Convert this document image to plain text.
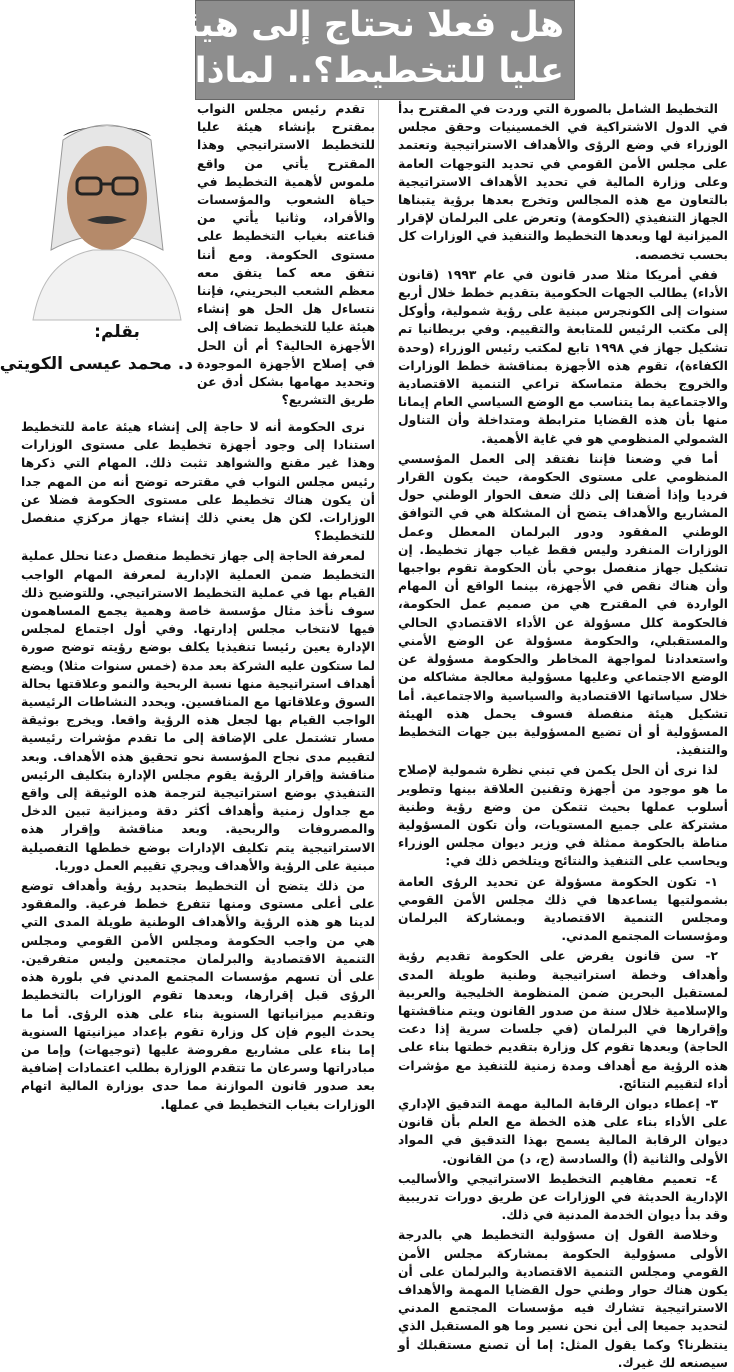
هل فعلا نحتاج إلى هيئة
عليا للتخطيط؟.. لماذا؟
بقلم:
د. محمد عيسى الكويتي

تقدم رئيس مجلس النواب بمقترح بإنشاء هيئة عليا للتخطيط الاستراتيجي وهذا المقترح يأتي من واقع ملموس لأهمية التخطيط في حياة الشعوب والمؤسسات والأفراد، وثانيا يأتي من قناعته بغياب التخطيط على مستوى الحكومة. ومع أننا نتفق معه كما يتفق معه معظم الشعب البحريني، فإننا نتساءل هل الحل هو إنشاء هيئة عليا للتخطيط تضاف إلى الأجهزة الحالية؟ أم أن الحل في إصلاح الأجهزة الموجودة وتحديد مهامها بشكل أدق عن طريق التشريع؟

نرى الحكومة أنه لا حاجة إلى إنشاء هيئة عامة للتخطيط استنادا إلى وجود أجهزة تخطيط على مستوى الوزارات وهذا غير مقنع والشواهد تثبت ذلك. المهام التي ذكرها رئيس مجلس النواب في مقترحه توضح أنه من المهم جدا أن يكون هناك تخطيط على مستوى الحكومة فضلا عن الوزارات. لكن هل يعني ذلك إنشاء جهاز مركزي منفصل للتخطيط؟

لمعرفة الحاجة إلى جهاز تخطيط منفصل دعنا نحلل عملية التخطيط ضمن العملية الإدارية لمعرفة المهام الواجب القيام بها في عملية التخطيط الاستراتيجي. وللتوضيح ذلك سوف نأخذ مثال مؤسسة خاصة وهمية يجمع المساهمون فيها لانتخاب مجلس إدارتها. وفي أول اجتماع لمجلس الإدارة يعين رئيسا تنفيذيا يكلف بوضع رؤيته توضح صورة لما ستكون عليه الشركة بعد مدة (خمس سنوات مثلا) ويضع أهداف استراتيجية منها نسبة الربحية والنمو وعلاقتها بحالة السوق وعلاقاتها مع المنافسين. ويحدد النشاطات الرئيسية الواجب القيام بها لجعل هذه الرؤية واقعا. ويخرج بوثيقة مسار تشتمل على الإضافة إلى ما تقدم مؤشرات رئيسية لتقييم مدى نجاح المؤسسة نحو تحقيق هذه الأهداف. وبعد مناقشة وإقرار الرؤية يقوم مجلس الإدارة بتكليف الرئيس التنفيذي بوضع استراتيجية لترجمة هذه الوثيقة إلى واقع مع جداول زمنية وأهداف أكثر دقة وميزانية تبين الدخل والمصروفات والربحية. وبعد مناقشة وإقرار هذه الاستراتيجية يتم تكليف الإدارات بوضع خططها التفصيلية مبنية على الرؤية والأهداف ويجري تقييم العمل دوريا.

من ذلك يتضح أن التخطيط بتحديد رؤية وأهداف توضع على أعلى مستوى ومنها تتفرع خطط فرعية. والمفقود لدينا هو هذه الرؤية والأهداف الوطنية طويلة المدى التي هي من واجب الحكومة ومجلس الأمن القومي ومجلس التنمية الاقتصادية والبرلمان مجتمعين وليس متفرقين. على أن تسهم مؤسسات المجتمع المدني في بلورة هذه الرؤى قبل إقرارها، وبعدها تقوم الوزارات بالتخطيط وتقديم ميزانياتها السنوية بناء على هذه الرؤى. أما ما يحدث اليوم فإن كل وزارة تقوم بإعداد ميزانيتها السنوية إما بناء على مشاريع مفروضة عليها (توجيهات) وإما من مبادراتها وسرعان ما تتقدم الوزارة بطلب اعتمادات إضافية بعد صدور قانون الموازنة مما حدى بوزارة المالية اتهام الوزارات بغياب التخطيط في عملها.

التخطيط الشامل بالصورة التي وردت في المقترح بدأ في الدول الاشتراكية في الخمسينيات وحقق مجلس الوزراء في وضع الرؤى والأهداف الاستراتيجية وتعتمد على مجلس الأمن القومي في تحديد التوجهات العامة وعلى وزارة المالية في تحديد الأهداف الاستراتيجية بالتعاون مع هذه المجالس وتخرج بعدها برؤية يتبناها الجهاز التنفيذي (الحكومة) وتعرض على البرلمان لإقرار الميزانية لها وبعدها التخطيط والتنفيذ في الوزارات كل بحسب تخصصه.

ففي أمريكا مثلا صدر قانون في عام ١٩٩٣ (قانون الأداء) يطالب الجهات الحكومية بتقديم خطط خلال أربع سنوات إلى الكونجرس مبنية على رؤية شمولية، وأوكل إلى مكتب الرئيس للمتابعة والتقييم. وفي بريطانيا تم تشكيل جهاز في ١٩٩٨ تابع لمكتب رئيس الوزراء (وحدة الكفاءة)، تقوم هذه الأجهزة بمناقشة خطط الوزارات والخروج بخطة متماسكة تراعي التنمية الاقتصادية والاجتماعية بما يتناسب مع الوضع السياسي العام إيمانا منها بأن هذه القضايا مترابطة ومتداخلة وأن التناول الشمولي المنظومي هو في غاية الأهمية.

أما في وضعنا فإننا نفتقد إلى العمل المؤسسي المنظومي على مستوى الحكومة، حيث يكون القرار فرديا وإذا أضفنا إلى ذلك ضعف الحوار الوطني حول المشاريع والأهداف يتضح أن المشكلة هي في التوافق الوطني المفقود ودور البرلمان المعطل وعمل الوزارات المنفرد وليس فقط غياب جهاز تخطيط. إن تشكيل جهاز منفصل بوحي بأن الحكومة تقوم بواجبها وأن هناك نقص في الأجهزة، بينما الواقع أن المهام الواردة في المقترح هي من صميم عمل الحكومة، فالحكومة كلل مسؤولة عن الأداء الاقتصادي الحالي والمستقبلي، والحكومة مسؤولة عن الوضع الأمني واستعدادنا لمواجهة المخاطر والحكومة مسؤولة عن الوضع الاجتماعي وعليها مسؤولية معالجة مشاكله من خلال سياساتها الاقتصادية والسياسية والاجتماعية. أما تشكيل هيئة منفصلة فسوف يحمل هذه الهيئة المسؤولية أو أن تضيع المسؤولية بين جهات التخطيط والتنفيذ.

لذا نرى أن الحل يكمن في تبني نظرة شمولية لإصلاح ما هو موجود من أجهزة وتقنين العلاقة بينها وتطوير أسلوب عملها بحيث تتمكن من وضع رؤية وطنية مشتركة على جميع المستويات، وأن تكون المسؤولية مناطة بالحكومة ممثلة في وزير ديوان مجلس الوزراء ويحاسب على التنفيذ والنتائج ويتلخص ذلك في:

١- تكون الحكومة مسؤولة عن تحديد الرؤى العامة بشمولتيها يساعدها في ذلك مجلس الأمن القومي ومجلس التنمية الاقتصادية وبمشاركة البرلمان ومؤسسات المجتمع المدني.

٢- سن قانون يفرض على الحكومة تقديم رؤية وأهداف وخطة استراتيجية وطنية طويلة المدى لمستقبل البحرين ضمن المنظومة الخليجية والعربية والإسلامية خلال سنة من صدور القانون ويتم مناقشتها وإقرارها في البرلمان (في جلسات سرية إذا دعت الحاجة) وبعدها تقوم كل وزارة بتقديم خطتها بناء على هذه الرؤية مع أهداف ومدة زمنية للتنفيذ مع مؤشرات أداء لتقييم النتائج.

٣- إعطاء ديوان الرقابة المالية مهمة التدقيق الإداري على الأداء بناء على هذه الخطة مع العلم بأن قانون ديوان الرقابة المالية يسمح بهذا التدقيق في المواد الأولى والثانية (أ) والسادسة (ج، د) من القانون.

٤- تعميم مفاهيم التخطيط الاستراتيجي والأساليب الإدارية الحديثة في الوزارات عن طريق دورات تدريبية وقد بدأ ديوان الخدمة المدنية في ذلك.

وخلاصة القول إن مسؤولية التخطيط هي بالدرجة الأولى مسؤولية الحكومة بمشاركة مجلس الأمن القومي ومجلس التنمية الاقتصادية والبرلمان على أن يكون هناك حوار وطني حول القضايا المهمة والأهداف الاستراتيجية تشارك فيه مؤسسات المجتمع المدني لتحديد جميعا إلى أين نحن نسير وما هو المستقبل الذي ينتظرنا؟ وكما يقول المثل: إما أن تصنع مستقبلك أو سيصنعه لك غيرك.
